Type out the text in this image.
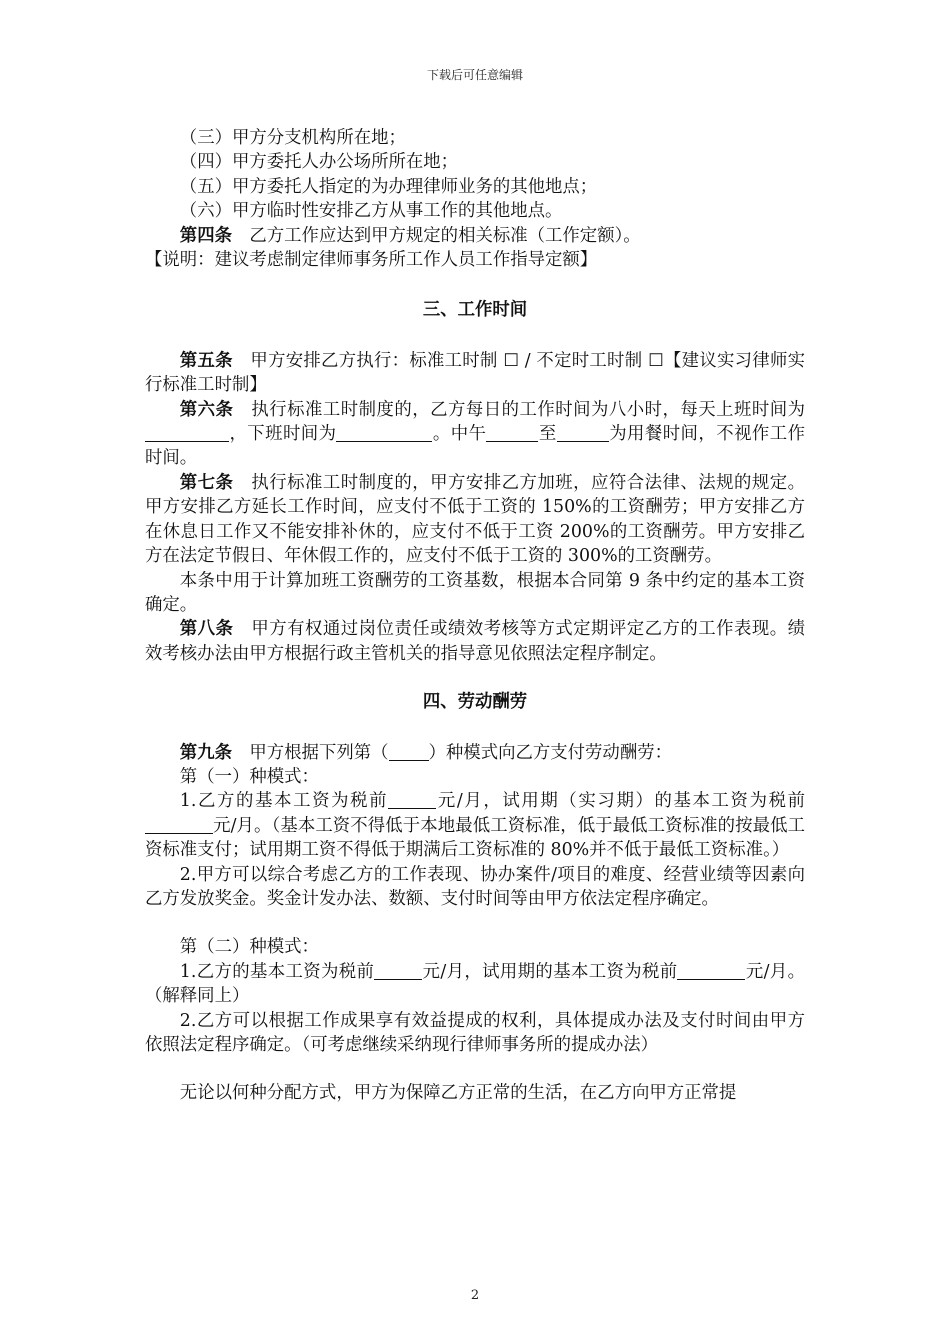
下载后可任意编辑

（三）甲方分支机构所在地；

（四）甲方委托人办公场所所在地；

（五）甲方委托人指定的为办理律师业务的其他地点；

（六）甲方临时性安排乙方从事工作的其他地点。

第四条　乙方工作应达到甲方规定的相关标准（工作定额）。

【说明：建议考虑制定律师事务所工作人员工作指导定额】

三、工作时间

第五条　甲方安排乙方执行：标准工时制 ☐ / 不定时工时制 ☐【建议实习律师实行标准工时制】

第六条　执行标准工时制度的，乙方每日的工作时间为八小时，每天上班时间为，下班时间为	。中午	至	为用餐时间，不视作工作时间。

第七条　执行标准工时制度的，甲方安排乙方加班，应符合法律、法规的规定。甲方安排乙方延长工作时间，应支付不低于工资的 150%的工资酬劳；甲方安排乙方在休息日工作又不能安排补休的，应支付不低于工资 200%的工资酬劳。甲方安排乙方在法定节假日、年休假工作的，应支付不低于工资的 300%的工资酬劳。

本条中用于计算加班工资酬劳的工资基数，根据本合同第 9 条中约定的基本工资确定。

第八条　甲方有权通过岗位责任或绩效考核等方式定期评定乙方的工作表现。绩效考核办法由甲方根据行政主管机关的指导意见依照法定程序制定。

四、劳动酬劳

第九条　甲方根据下列第（ ）种模式向乙方支付劳动酬劳：

第（一）种模式：

1.乙方的基本工资为税前	元/月，试用期（实习期）的基本工资为税前元/月。（基本工资不得低于本地最低工资标准，低于最低工资标准的按最低工资标准支付；试用期工资不得低于期满后工资标准的 80%并不低于最低工资标准。）

2.甲方可以综合考虑乙方的工作表现、协办案件/项目的难度、经营业绩等因素向乙方发放奖金。奖金计发办法、数额、支付时间等由甲方依法定程序确定。

第（二）种模式：

1.乙方的基本工资为税前	元/月，试用期的基本工资为税前	元/月。（解释同上）

2.乙方可以根据工作成果享有效益提成的权利，具体提成办法及支付时间由甲方依照法定程序确定。（可考虑继续采纳现行律师事务所的提成办法）

无论以何种分配方式，甲方为保障乙方正常的生活，在乙方向甲方正常提

2
